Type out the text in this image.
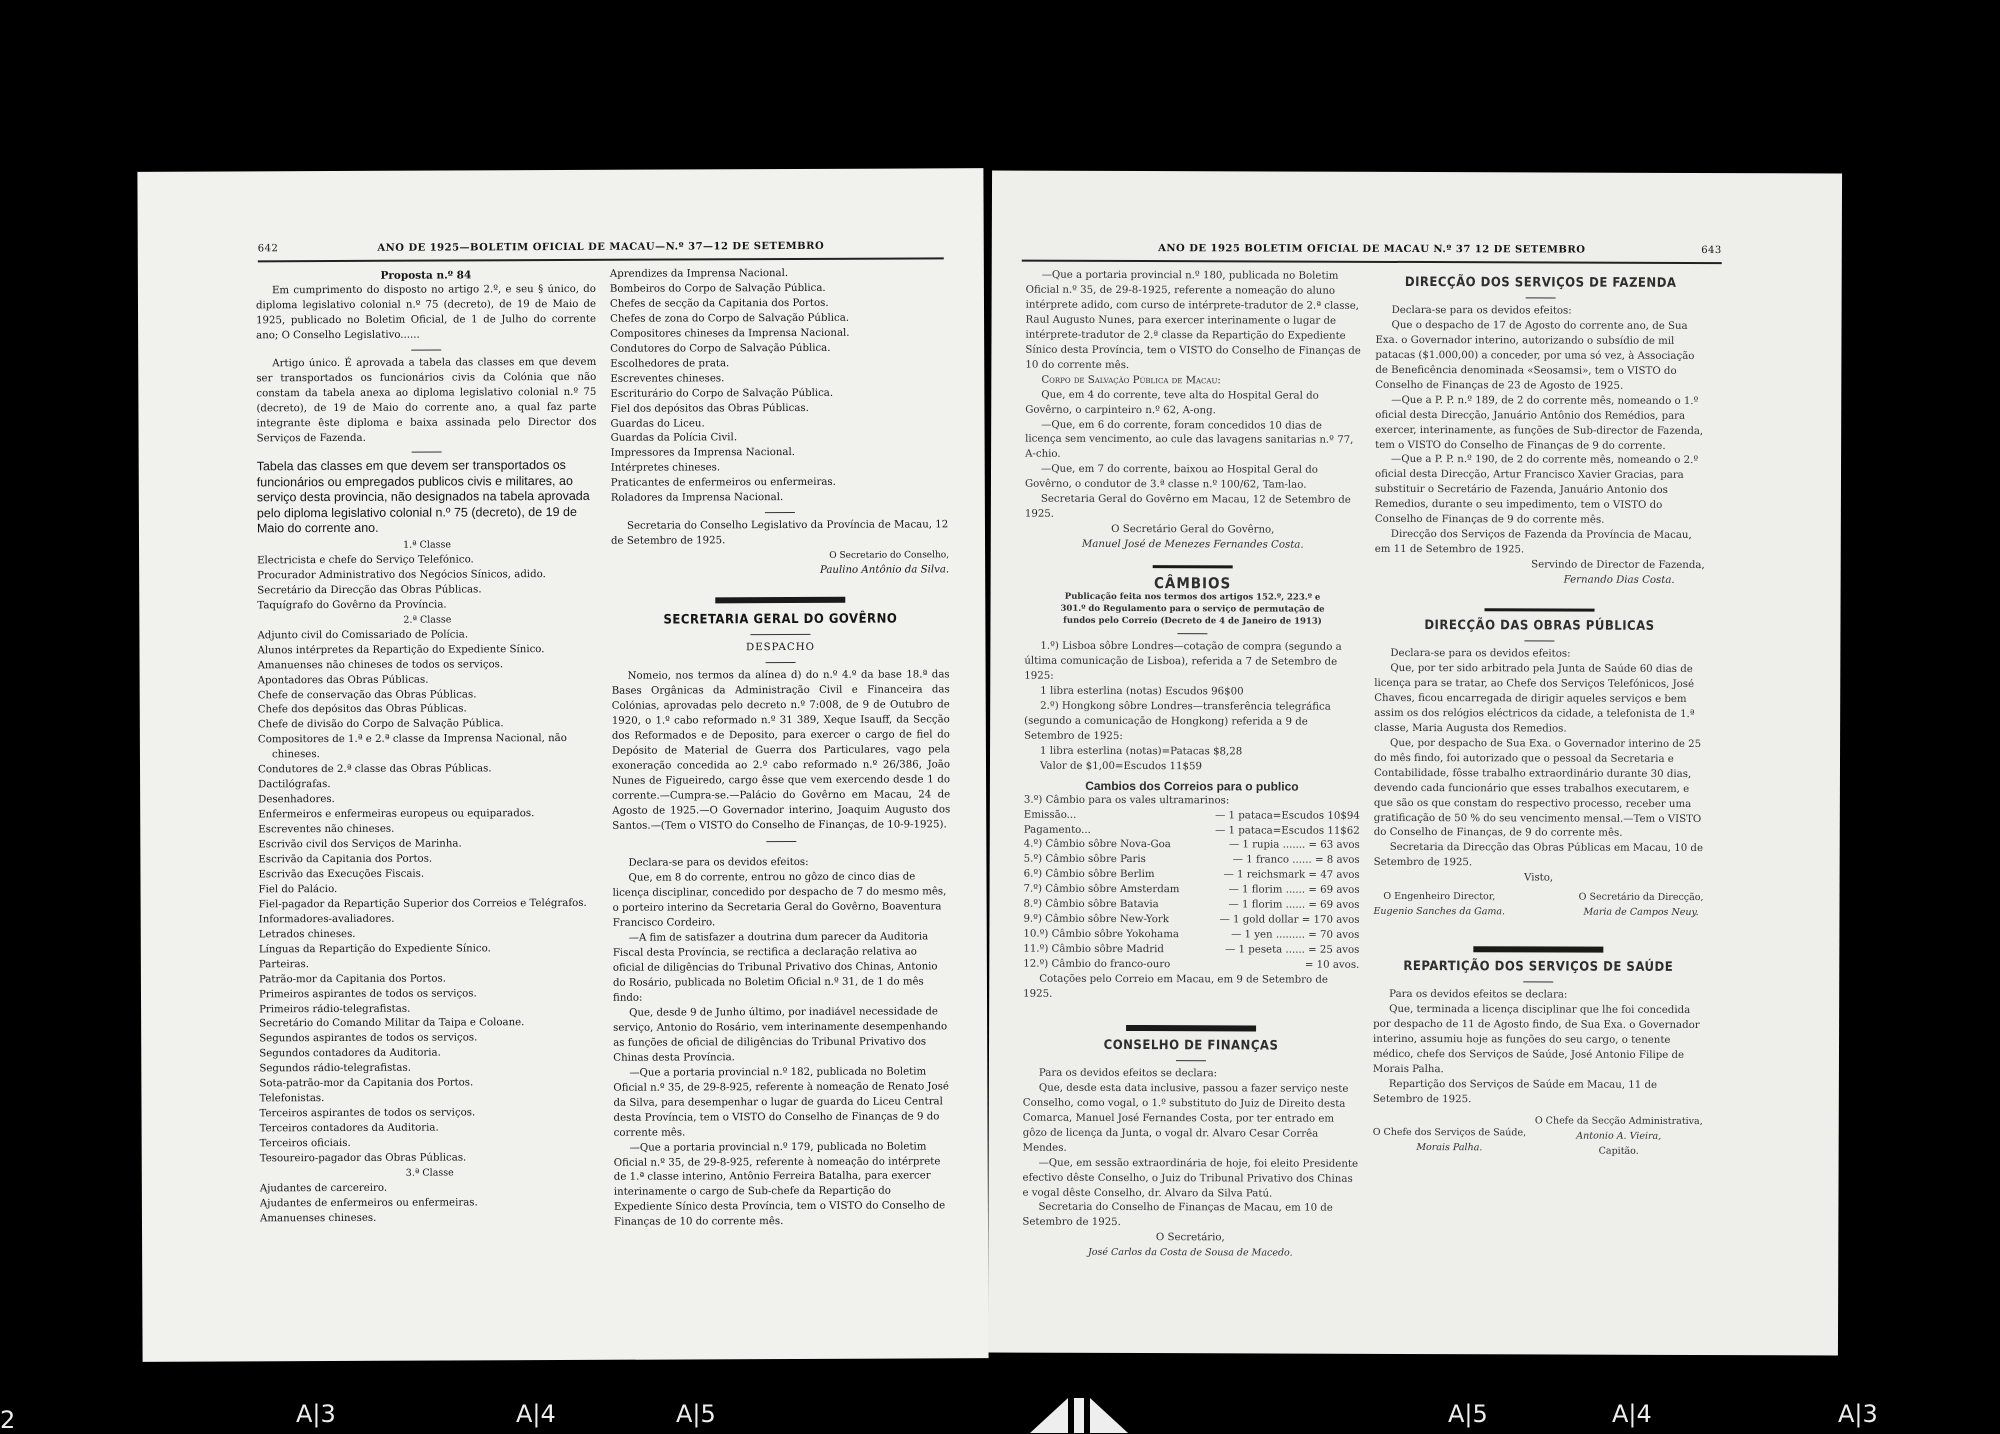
642	ANO DE 1925—BOLETIM OFICIAL DE MACAU—N.º 37—12 DE SETEMBRO

Proposta n.º 84

Em cumprimento do disposto no artigo 2.º, e seu § único, do diploma legislativo colonial n.º 75 (decreto), de 19 de Maio de 1925, publicado no Boletim Oficial, de 1 de Julho do corrente ano; O Conselho Legislativo......

Artigo único. É aprovada a tabela das classes em que devem ser transportados os funcionários civis da Colónia que não constam da tabela anexa ao diploma legislativo colonial n.º 75 (decreto), de 19 de Maio do corrente ano, a qual faz parte integrante êste diploma e baixa assinada pelo Director dos Serviços de Fazenda.

Tabela das classes em que devem ser transportados os funcionários ou empregados publicos civis e militares, ao serviço desta provincia, não designados na tabela aprovada pelo diploma legislativo colonial n.º 75 (decreto), de 19 de Maio do corrente ano.

1.ª Classe

Electricista e chefe do Serviço Telefónico.

Procurador Administrativo dos Negócios Sínicos, adido.

Secretário da Direcção das Obras Públicas.

Taquígrafo do Govêrno da Província.

2.ª Classe

Adjunto civil do Comissariado de Polícia.

Alunos intérpretes da Repartição do Expediente Sínico.

Amanuenses não chineses de todos os serviços.

Apontadores das Obras Públicas.

Chefe de conservação das Obras Públicas.

Chefe dos depósitos das Obras Públicas.

Chefe de divisão do Corpo de Salvação Pública.

Compositores de 1.ª e 2.ª classe da Imprensa Nacional, não chineses.

Condutores de 2.ª classe das Obras Públicas.

Dactilógrafas.

Desenhadores.

Enfermeiros e enfermeiras europeus ou equiparados.

Escreventes não chineses.

Escrivão civil dos Serviços de Marinha.

Escrivão da Capitania dos Portos.

Escrivão das Execuções Fiscais.

Fiel do Palácio.

Fiel-pagador da Repartição Superior dos Correios e Telégrafos.

Informadores-avaliadores.

Letrados chineses.

Línguas da Repartição do Expediente Sínico.

Parteiras.

Patrão-mor da Capitania dos Portos.

Primeiros aspirantes de todos os serviços.

Primeiros rádio-telegrafistas.

Secretário do Comando Militar da Taipa e Coloane.

Segundos aspirantes de todos os serviços.

Segundos contadores da Auditoria.

Segundos rádio-telegrafistas.

Sota-patrão-mor da Capitania dos Portos.

Telefonistas.

Terceiros aspirantes de todos os serviços.

Terceiros contadores da Auditoria.

Terceiros oficiais.

Tesoureiro-pagador das Obras Públicas.

3.ª Classe

Ajudantes de carcereiro.

Ajudantes de enfermeiros ou enfermeiras.

Amanuenses chineses.

Aprendizes da Imprensa Nacional.

Bombeiros do Corpo de Salvação Pública.

Chefes de secção da Capitania dos Portos.

Chefes de zona do Corpo de Salvação Pública.

Compositores chineses da Imprensa Nacional.

Condutores do Corpo de Salvação Pública.

Escolhedores de prata.

Escreventes chineses.

Escriturário do Corpo de Salvação Pública.

Fiel dos depósitos das Obras Públicas.

Guardas do Liceu.

Guardas da Polícia Civil.

Impressores da Imprensa Nacional.

Intérpretes chineses.

Praticantes de enfermeiros ou enfermeiras.

Roladores da Imprensa Nacional.

Secretaria do Conselho Legislativo da Província de Macau, 12 de Setembro de 1925.

O Secretario do Conselho,

Paulino Antônio da Silva.

SECRETARIA GERAL DO GOVÊRNO

DESPACHO

Nomeio, nos termos da alínea d) do n.º 4.º da base 18.ª das Bases Orgânicas da Administração Civil e Financeira das Colónias, aprovadas pelo decreto n.º 7:008, de 9 de Outubro de 1920, o 1.º cabo reformado n.º 31 389, Xeque Isauff, da Secção dos Reformados e de Deposito, para exercer o cargo de fiel do Depósito de Material de Guerra dos Particulares, vago pela exoneração concedida ao 2.º cabo reformado n.º 26/386, João Nunes de Figueiredo, cargo êsse que vem exercendo desde 1 do corrente.—Cumpra-se.—Palácio do Govêrno em Macau, 24 de Agosto de 1925.—O Governador interino, Joaquim Augusto dos Santos.—(Tem o VISTO do Conselho de Finanças, de 10-9-1925).

Declara-se para os devidos efeitos:

Que, em 8 do corrente, entrou no gôzo de cinco dias de licença disciplinar, concedido por despacho de 7 do mesmo mês, o porteiro interino da Secretaria Geral do Govêrno, Boaventura Francisco Cordeiro.

—A fim de satisfazer a doutrina dum parecer da Auditoria Fiscal desta Província, se rectifica a declaração relativa ao oficial de diligências do Tribunal Privativo dos Chinas, Antonio do Rosário, publicada no Boletim Oficial n.º 31, de 1 do mês findo:

Que, desde 9 de Junho último, por inadiável necessidade de serviço, Antonio do Rosário, vem interinamente desempenhando as funções de oficial de diligências do Tribunal Privativo dos Chinas desta Província.

—Que a portaria provincial n.º 182, publicada no Boletim Oficial n.º 35, de 29-8-925, referente à nomeação de Renato José da Silva, para desempenhar o lugar de guarda do Liceu Central desta Província, tem o VISTO do Conselho de Finanças de 9 do corrente mês.

—Que a portaria provincial n.º 179, publicada no Boletim Oficial n.º 35, de 29-8-925, referente à nomeação do intérprete de 1.ª classe interino, Antônio Ferreira Batalha, para exercer interinamente o cargo de Sub-chefe da Repartição do Expediente Sínico desta Província, tem o VISTO do Conselho de Finanças de 10 do corrente mês.

ANO DE 1925 BOLETIM OFICIAL DE MACAU N.º 37 12 DE SETEMBRO	643

—Que a portaria provincial n.º 180, publicada no Boletim Oficial n.º 35, de 29-8-1925, referente a nomeação do aluno intérprete adido, com curso de intérprete-tradutor de 2.ª classe, Raul Augusto Nunes, para exercer interinamente o lugar de intérprete-tradutor de 2.ª classe da Repartição do Expediente Sínico desta Província, tem o VISTO do Conselho de Finanças de 10 do corrente mês.

Corpo de Salvação Pública de Macau:

Que, em 4 do corrente, teve alta do Hospital Geral do Govêrno, o carpinteiro n.º 62, A-ong.

—Que, em 6 do corrente, foram concedidos 10 dias de licença sem vencimento, ao cule das lavagens sanitarias n.º 77, A-chio.

—Que, em 7 do corrente, baixou ao Hospital Geral do Govêrno, o condutor de 3.ª classe n.º 100/62, Tam-lao.

Secretaria Geral do Govêrno em Macau, 12 de Setembro de 1925.

O Secretário Geral do Govêrno,

Manuel José de Menezes Fernandes Costa.

CÂMBIOS

Publicação feita nos termos dos artigos 152.º, 223.º e 301.º do Regulamento para o serviço de permutação de fundos pelo Correio (Decreto de 4 de Janeiro de 1913)

1.º) Lisboa sôbre Londres—cotação de compra (segundo a última comunicação de Lisboa), referida a 7 de Setembro de 1925:

1 libra esterlina (notas) Escudos 96$00

2.º) Hongkong sôbre Londres—transferência telegráfica (segundo a comunicação de Hongkong) referida a 9 de Setembro de 1925:

1 libra esterlina (notas)=Patacas $8,28

Valor de $1,00=Escudos 11$59

Cambios dos Correios para o publico

3.º) Câmbio para os vales ultramarinos:

Emissão...	— 1 pataca=Escudos 10$94
Pagamento...	— 1 pataca=Escudos 11$62
4.º) Câmbio sôbre Nova-Goa	— 1 rupia ....... = 63 avos
5.º) Câmbio sôbre Paris	— 1 franco ...... = 8 avos
6.º) Câmbio sôbre Berlim	— 1 reichsmark = 47 avos
7.º) Câmbio sôbre Amsterdam	— 1 florim ...... = 69 avos
8.º) Câmbio sôbre Batavia	— 1 florim ...... = 69 avos
9.º) Câmbio sôbre New-York	— 1 gold dollar = 170 avos
10.º) Câmbio sôbre Yokohama	— 1 yen ......... = 70 avos
11.º) Câmbio sôbre Madrid	— 1 peseta ...... = 25 avos
12.º) Câmbio do franco-ouro	= 10 avos.

Cotações pelo Correio em Macau, em 9 de Setembro de 1925.

CONSELHO DE FINANÇAS

Para os devidos efeitos se declara:

Que, desde esta data inclusive, passou a fazer serviço neste Conselho, como vogal, o 1.º substituto do Juiz de Direito desta Comarca, Manuel José Fernandes Costa, por ter entrado em gôzo de licença da Junta, o vogal dr. Alvaro Cesar Corrêa Mendes.

—Que, em sessão extraordinária de hoje, foi eleito Presidente efectivo dêste Conselho, o Juiz do Tribunal Privativo dos Chinas e vogal dêste Conselho, dr. Alvaro da Silva Patú.

Secretaria do Conselho de Finanças de Macau, em 10 de Setembro de 1925.

O Secretário,

José Carlos da Costa de Sousa de Macedo.

DIRECÇÃO DOS SERVIÇOS DE FAZENDA

Declara-se para os devidos efeitos:

Que o despacho de 17 de Agosto do corrente ano, de Sua Exa. o Governador interino, autorizando o subsídio de mil patacas ($1.000,00) a conceder, por uma só vez, à Associação de Beneficência denominada «Seosamsi», tem o VISTO do Conselho de Finanças de 23 de Agosto de 1925.

—Que a P. P. n.º 189, de 2 do corrente mês, nomeando o 1.º oficial desta Direcção, Januário Antônio dos Remédios, para exercer, interinamente, as funções de Sub-director de Fazenda, tem o VISTO do Conselho de Finanças de 9 do corrente.

—Que a P. P. n.º 190, de 2 do corrente mês, nomeando o 2.º oficial desta Direcção, Artur Francisco Xavier Gracias, para substituir o Secretário de Fazenda, Januário Antonio dos Remedios, durante o seu impedimento, tem o VISTO do Conselho de Finanças de 9 do corrente mês.

Direcção dos Serviços de Fazenda da Província de Macau, em 11 de Setembro de 1925.

Servindo de Director de Fazenda,

Fernando Dias Costa.

DIRECÇÃO DAS OBRAS PÚBLICAS

Declara-se para os devidos efeitos:

Que, por ter sido arbitrado pela Junta de Saúde 60 dias de licença para se tratar, ao Chefe dos Serviços Telefónicos, José Chaves, ficou encarregada de dirigir aqueles serviços e bem assim os dos relógios eléctricos da cidade, a telefonista de 1.ª classe, Maria Augusta dos Remedios.

Que, por despacho de Sua Exa. o Governador interino de 25 do mês findo, foi autorizado que o pessoal da Secretaria e Contabilidade, fôsse trabalho extraordinário durante 30 dias, devendo cada funcionário que esses trabalhos executarem, e que são os que constam do respectivo processo, receber uma gratificação de 50 % do seu vencimento mensal.—Tem o VISTO do Conselho de Finanças, de 9 do corrente mês.

Secretaria da Direcção das Obras Públicas em Macau, 10 de Setembro de 1925.

Visto,

O Engenheiro Director,

Eugenio Sanches da Gama.

O Secretário da Direcção,

Maria de Campos Neuy.

REPARTIÇÃO DOS SERVIÇOS DE SAÚDE

Para os devidos efeitos se declara:

Que, terminada a licença disciplinar que lhe foi concedida por despacho de 11 de Agosto findo, de Sua Exa. o Governador interino, assumiu hoje as funções do seu cargo, o tenente médico, chefe dos Serviços de Saúde, José Antonio Filipe de Morais Palha.

Repartição dos Serviços de Saúde em Macau, 11 de Setembro de 1925.

O Chefe dos Serviços de Saúde,

Morais Palha.

O Chefe da Secção Administrativa,

Antonio A. Vieira,

Capitão.

2	A|3	A|4	A|5	A|5	A|4	A|3
